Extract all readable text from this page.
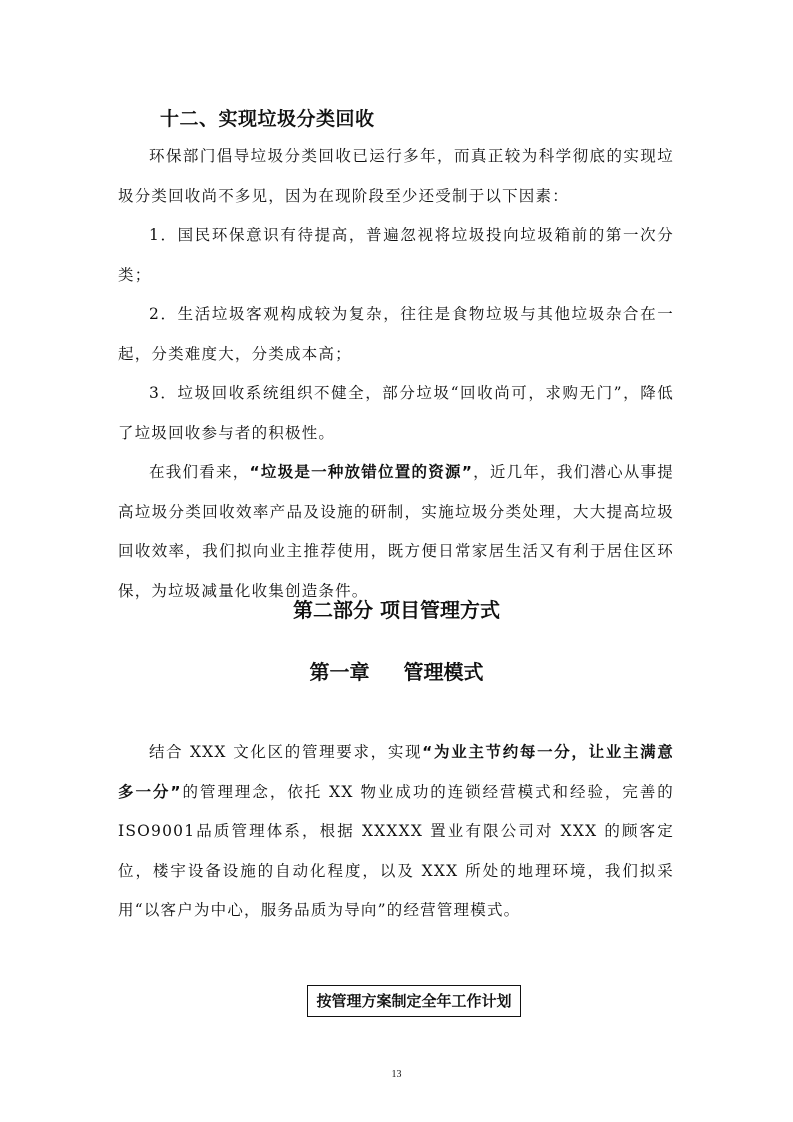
十二、实现垃圾分类回收

环保部门倡导垃圾分类回收已运行多年，而真正较为科学彻底的实现垃圾分类回收尚不多见，因为在现阶段至少还受制于以下因素：

1．国民环保意识有待提高，普遍忽视将垃圾投向垃圾箱前的第一次分类；

2．生活垃圾客观构成较为复杂，往往是食物垃圾与其他垃圾杂合在一起，分类难度大，分类成本高；

3．垃圾回收系统组织不健全，部分垃圾“回收尚可，求购无门”，降低了垃圾回收参与者的积极性。

在我们看来，“垃圾是一种放错位置的资源”，近几年，我们潜心从事提高垃圾分类回收效率产品及设施的研制，实施垃圾分类处理，大大提高垃圾回收效率，我们拟向业主推荐使用，既方便日常家居生活又有利于居住区环保，为垃圾减量化收集创造条件。

第二部分 项目管理方式
第一章 管理模式

结合 XXX 文化区的管理要求，实现“为业主节约每一分，让业主满意多一分”的管理理念，依托 XX 物业成功的连锁经营模式和经验，完善的 ISO9001品质管理体系，根据 XXXXX 置业有限公司对 XXX 的顾客定位，楼宇设备设施的自动化程度，以及 XXX 所处的地理环境，我们拟采用“以客户为中心，服务品质为导向”的经营管理模式。

按管理方案制定全年工作计划
13
